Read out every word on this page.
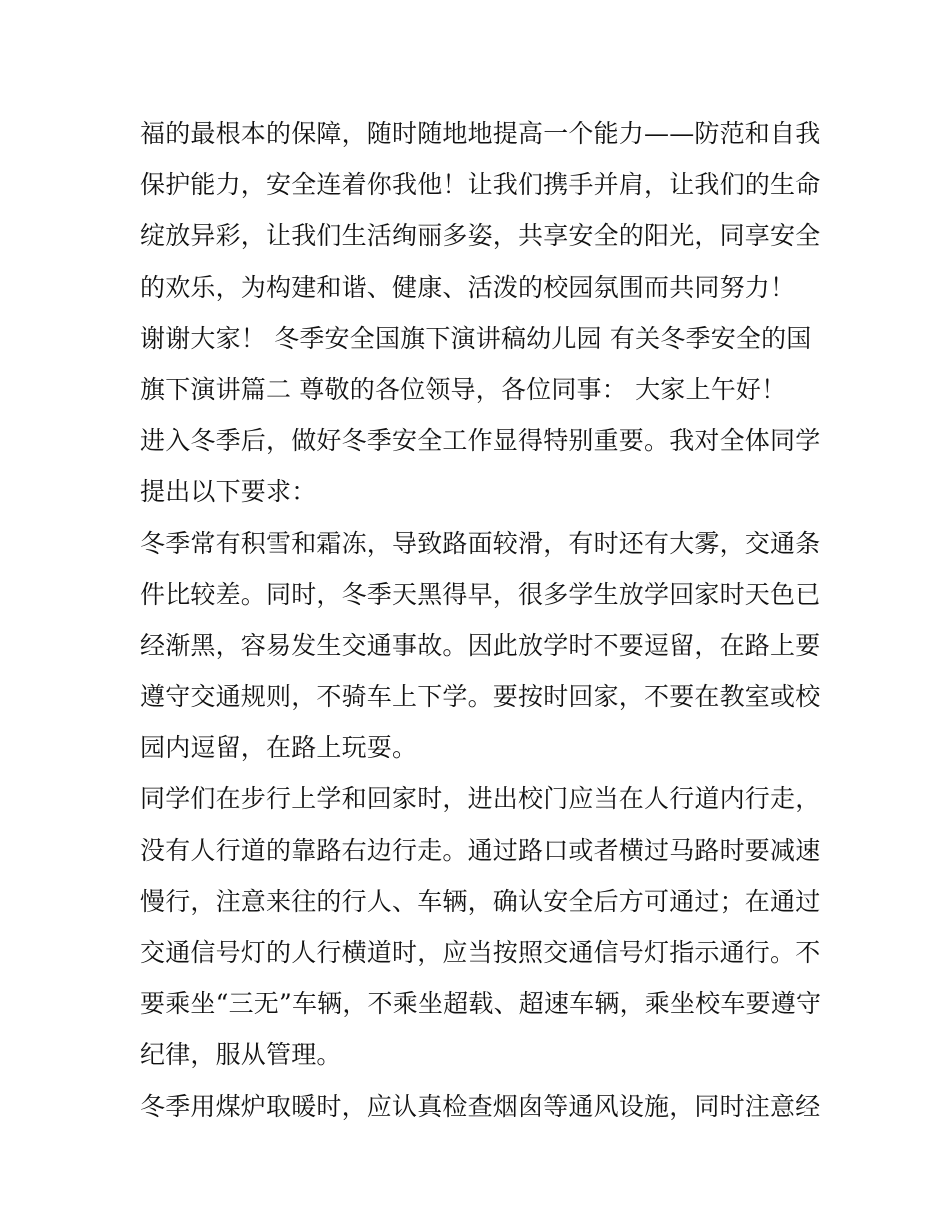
福的最根本的保障，随时随地地提高一个能力——防范和自我
保护能力，安全连着你我他！让我们携手并肩，让我们的生命
绽放异彩，让我们生活绚丽多姿，共享安全的阳光，同享安全
的欢乐，为构建和谐、健康、活泼的校园氛围而共同努力！
谢谢大家！ 冬季安全国旗下演讲稿幼儿园 有关冬季安全的国
旗下演讲篇二 尊敬的各位领导，各位同事： 大家上午好！
进入冬季后，做好冬季安全工作显得特别重要。我对全体同学
提出以下要求：
冬季常有积雪和霜冻，导致路面较滑，有时还有大雾，交通条
件比较差。同时，冬季天黑得早，很多学生放学回家时天色已
经渐黑，容易发生交通事故。因此放学时不要逗留，在路上要
遵守交通规则，不骑车上下学。要按时回家，不要在教室或校
园内逗留，在路上玩耍。
同学们在步行上学和回家时，进出校门应当在人行道内行走，
没有人行道的靠路右边行走。通过路口或者横过马路时要减速
慢行，注意来往的行人、车辆，确认安全后方可通过；在通过
交通信号灯的人行横道时，应当按照交通信号灯指示通行。不
要乘坐“三无”车辆，不乘坐超载、超速车辆，乘坐校车要遵守
纪律，服从管理。
冬季用煤炉取暖时，应认真检查烟囱等通风设施，同时注意经
